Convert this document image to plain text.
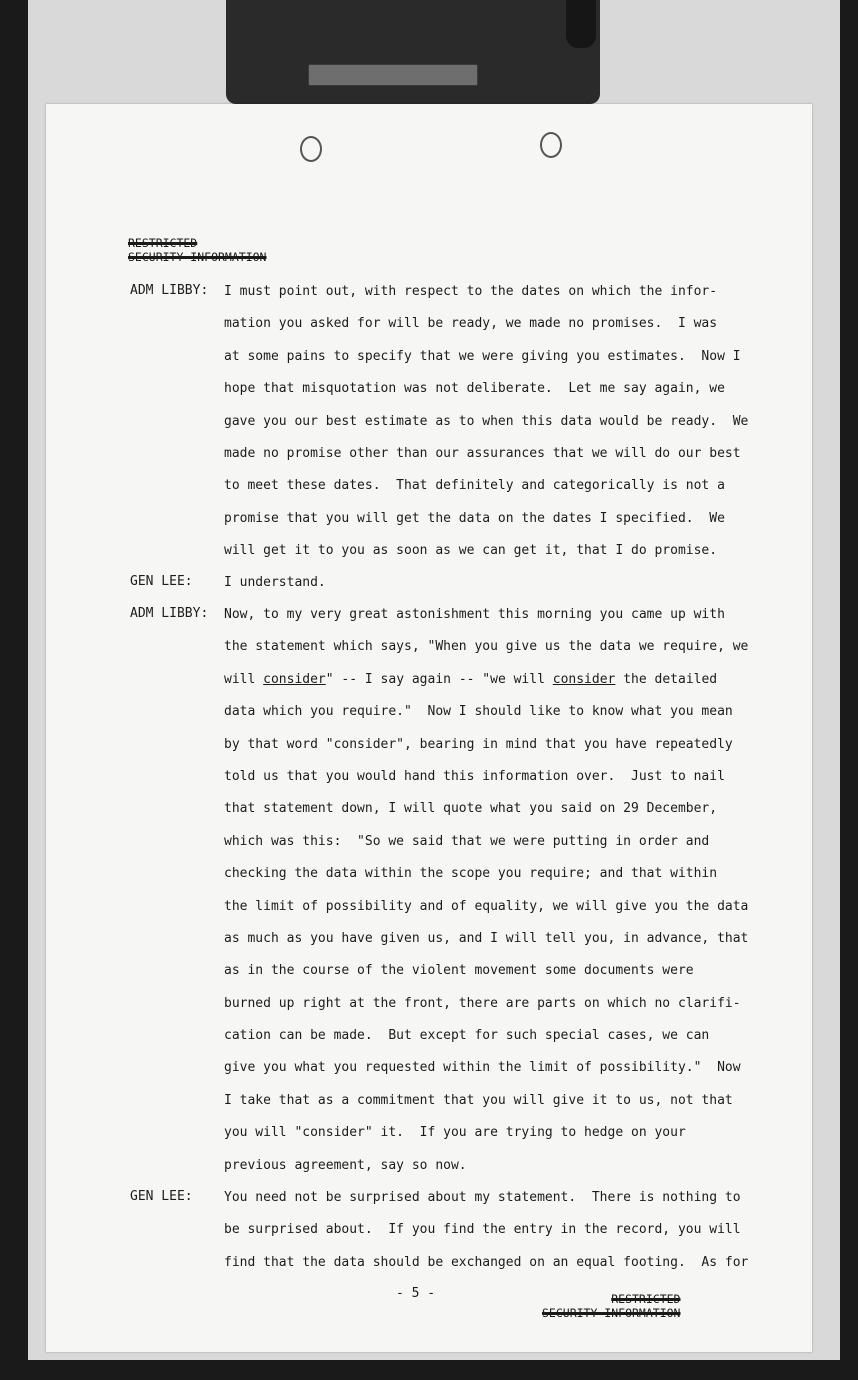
RESTRICTED
SECURITY INFORMATION
ADM LIBBY: I must point out, with respect to the dates on which the infor-
mation you asked for will be ready, we made no promises.  I was
at some pains to specify that we were giving you estimates.  Now I
hope that misquotation was not deliberate.  Let me say again, we
gave you our best estimate as to when this data would be ready.  We
made no promise other than our assurances that we will do our best
to meet these dates.  That definitely and categorically is not a
promise that you will get the data on the dates I specified.  We
will get it to you as soon as we can get it, that I do promise.
GEN LEE: I understand.
ADM LIBBY: Now, to my very great astonishment this morning you came up with
the statement which says, "When you give us the data we require, we
will consider" -- I say again -- "we will consider the detailed
data which you require."  Now I should like to know what you mean
by that word "consider", bearing in mind that you have repeatedly
told us that you would hand this information over.  Just to nail
that statement down, I will quote what you said on 29 December,
which was this:  "So we said that we were putting in order and
checking the data within the scope you require; and that within
the limit of possibility and of equality, we will give you the data
as much as you have given us, and I will tell you, in advance, that
as in the course of the violent movement some documents were
burned up right at the front, there are parts on which no clarifi-
cation can be made.  But except for such special cases, we can
give you what you requested within the limit of possibility."  Now
I take that as a commitment that you will give it to us, not that
you will "consider" it.  If you are trying to hedge on your
previous agreement, say so now.
GEN LEE: You need not be surprised about my statement.  There is nothing to
be surprised about.  If you find the entry in the record, you will
find that the data should be exchanged on an equal footing.  As for
- 5 -	RESTRICTED
SECURITY INFORMATION
